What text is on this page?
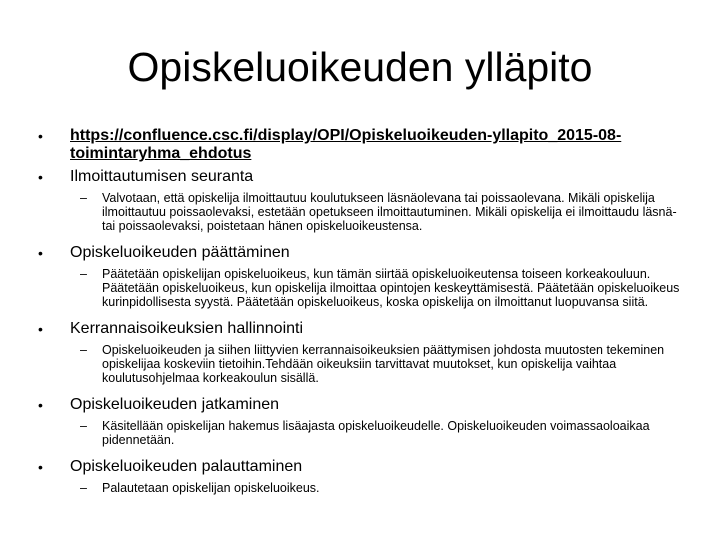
Opiskeluoikeuden ylläpito
• https://confluence.csc.fi/display/OPI/Opiskeluoikeuden-yllapito_2015-08-toimintaryhma_ehdotus
• Ilmoittautumisen seuranta
– Valvotaan, että opiskelija ilmoittautuu koulutukseen läsnäolevana tai poissaolevana. Mikäli opiskelija ilmoittautuu poissaolevaksi, estetään opetukseen ilmoittautuminen. Mikäli opiskelija ei ilmoittaudu läsnä- tai poissaolevaksi, poistetaan hänen opiskeluoikeustensa.
• Opiskeluoikeuden päättäminen
– Päätetään opiskelijan opiskeluoikeus, kun tämän siirtää opiskeluoikeutensa toiseen korkeakouluun. Päätetään opiskeluoikeus, kun opiskelija ilmoittaa opintojen keskeyttämisestä. Päätetään opiskeluoikeus kurinpidollisesta syystä. Päätetään opiskeluoikeus, koska opiskelija on ilmoittanut luopuvansa siitä.
• Kerrannaisoikeuksien hallinnointi
– Opiskeluoikeuden ja siihen liittyvien kerrannaisoikeuksien päättymisen johdosta muutosten tekeminen opiskelijaa koskeviin tietoihin.Tehdään oikeuksiin tarvittavat muutokset, kun opiskelija vaihtaa koulutusohjelmaa korkeakoulun sisällä.
• Opiskeluoikeuden jatkaminen
– Käsitellään opiskelijan hakemus lisäajasta opiskeluoikeudelle. Opiskeluoikeuden voimassaoloaikaa pidennetään.
• Opiskeluoikeuden palauttaminen
– Palautetaan opiskelijan opiskeluoikeus.
